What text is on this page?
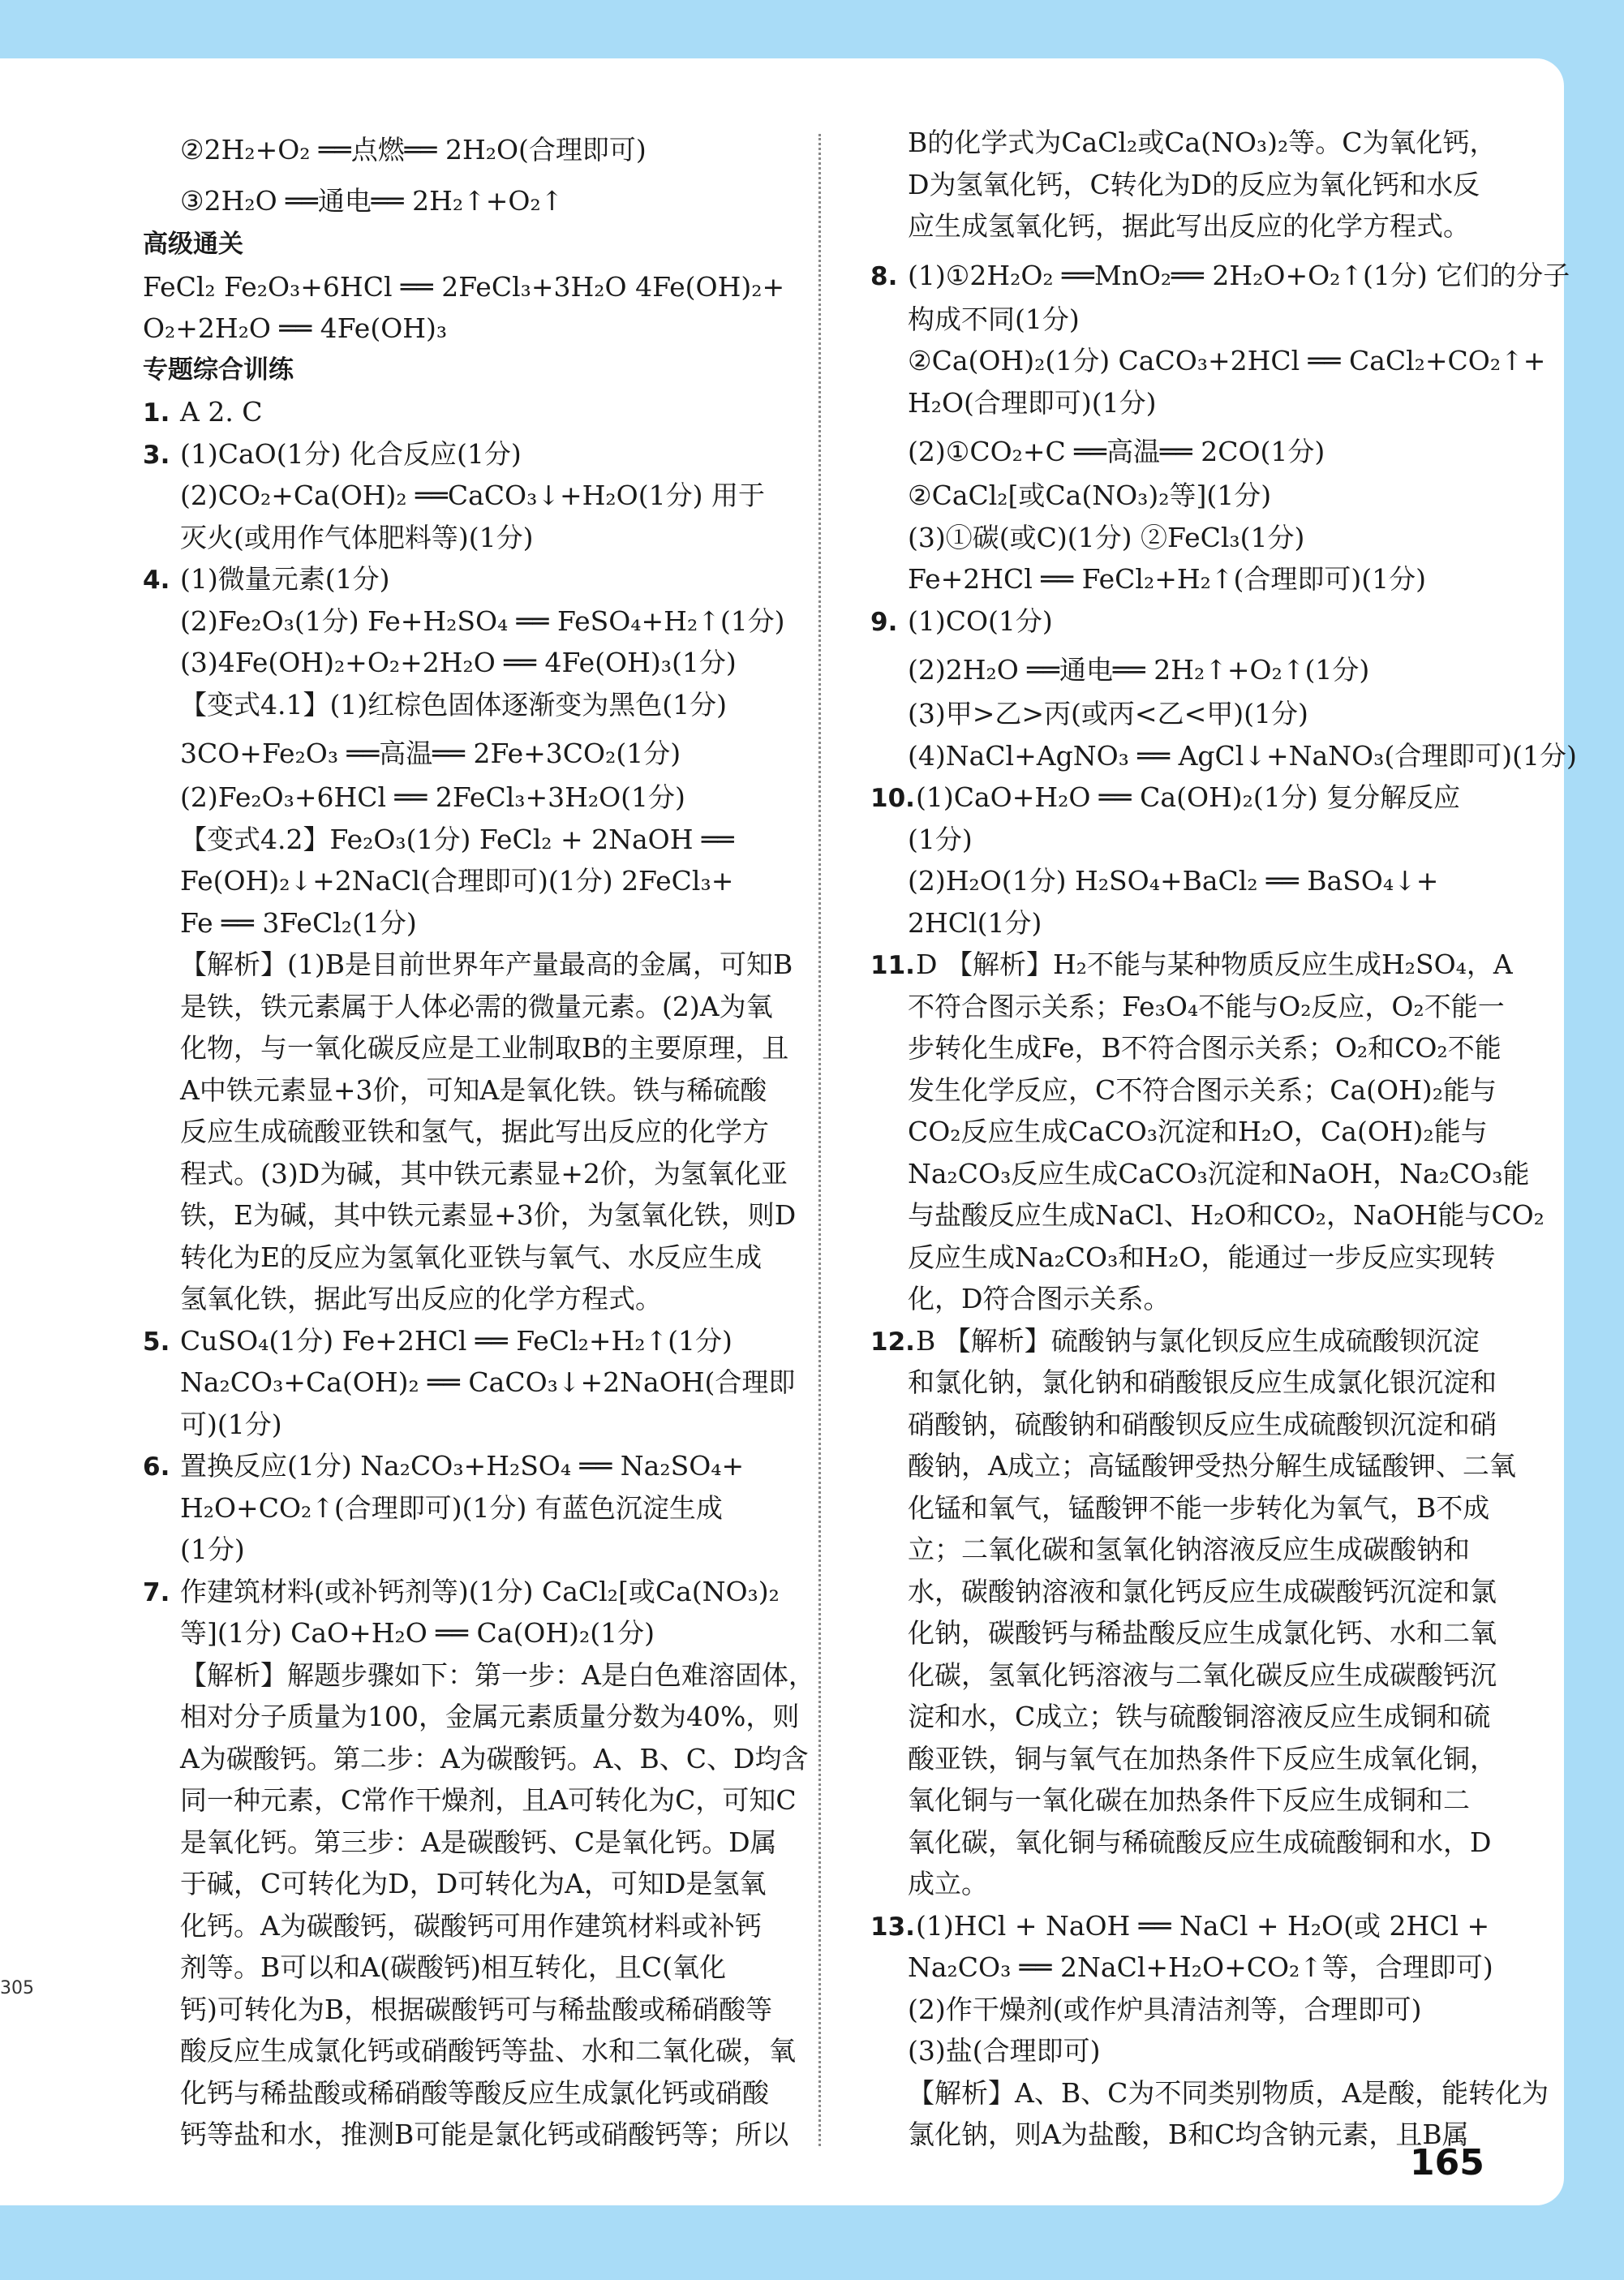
②2H₂+O₂ ══点燃══ 2H₂O(合理即可)
③2H₂O ══通电══ 2H₂↑+O₂↑
高级通关
FeCl₂ Fe₂O₃+6HCl ══ 2FeCl₃+3H₂O 4Fe(OH)₂+
O₂+2H₂O ══ 4Fe(OH)₃
专题综合训练
1. A 2. C
3. (1)CaO(1分) 化合反应(1分)
(2)CO₂+Ca(OH)₂ ══CaCO₃↓+H₂O(1分) 用于
灭火(或用作气体肥料等)(1分)
4. (1)微量元素(1分)
(2)Fe₂O₃(1分) Fe+H₂SO₄ ══ FeSO₄+H₂↑(1分)
(3)4Fe(OH)₂+O₂+2H₂O ══ 4Fe(OH)₃(1分)
【变式4.1】(1)红棕色固体逐渐变为黑色(1分)
3CO+Fe₂O₃ ══高温══ 2Fe+3CO₂(1分)
(2)Fe₂O₃+6HCl ══ 2FeCl₃+3H₂O(1分)
【变式4.2】Fe₂O₃(1分) FeCl₂ + 2NaOH ══
Fe(OH)₂↓+2NaCl(合理即可)(1分) 2FeCl₃+
Fe ══ 3FeCl₂(1分)
【解析】(1)B是目前世界年产量最高的金属，可知B
是铁，铁元素属于人体必需的微量元素。(2)A为氧
化物，与一氧化碳反应是工业制取B的主要原理，且
A中铁元素显+3价，可知A是氧化铁。铁与稀硫酸
反应生成硫酸亚铁和氢气，据此写出反应的化学方
程式。(3)D为碱，其中铁元素显+2价，为氢氧化亚
铁，E为碱，其中铁元素显+3价，为氢氧化铁，则D
转化为E的反应为氢氧化亚铁与氧气、水反应生成
氢氧化铁，据此写出反应的化学方程式。
5. CuSO₄(1分) Fe+2HCl ══ FeCl₂+H₂↑(1分)
Na₂CO₃+Ca(OH)₂ ══ CaCO₃↓+2NaOH(合理即
可)(1分)
6. 置换反应(1分) Na₂CO₃+H₂SO₄ ══ Na₂SO₄+
H₂O+CO₂↑(合理即可)(1分) 有蓝色沉淀生成
(1分)
7. 作建筑材料(或补钙剂等)(1分) CaCl₂[或Ca(NO₃)₂
等](1分) CaO+H₂O ══ Ca(OH)₂(1分)
【解析】解题步骤如下：第一步：A是白色难溶固体，
相对分子质量为100，金属元素质量分数为40%，则
A为碳酸钙。第二步：A为碳酸钙。A、B、C、D均含
同一种元素，C常作干燥剂，且A可转化为C，可知C
是氧化钙。第三步：A是碳酸钙、C是氧化钙。D属
于碱，C可转化为D，D可转化为A，可知D是氢氧
化钙。A为碳酸钙，碳酸钙可用作建筑材料或补钙
剂等。B可以和A(碳酸钙)相互转化，且C(氧化
钙)可转化为B，根据碳酸钙可与稀盐酸或稀硝酸等
酸反应生成氯化钙或硝酸钙等盐、水和二氧化碳，氧
化钙与稀盐酸或稀硝酸等酸反应生成氯化钙或硝酸
钙等盐和水，推测B可能是氯化钙或硝酸钙等；所以
B的化学式为CaCl₂或Ca(NO₃)₂等。C为氧化钙，
D为氢氧化钙，C转化为D的反应为氧化钙和水反
应生成氢氧化钙，据此写出反应的化学方程式。
8. (1)①2H₂O₂ ══MnO₂══ 2H₂O+O₂↑(1分) 它们的分子
构成不同(1分)
②Ca(OH)₂(1分) CaCO₃+2HCl ══ CaCl₂+CO₂↑+
H₂O(合理即可)(1分)
(2)①CO₂+C ══高温══ 2CO(1分)
②CaCl₂[或Ca(NO₃)₂等](1分)
(3)①碳(或C)(1分) ②FeCl₃(1分)
Fe+2HCl ══ FeCl₂+H₂↑(合理即可)(1分)
9. (1)CO(1分)
(2)2H₂O ══通电══ 2H₂↑+O₂↑(1分)
(3)甲>乙>丙(或丙<乙<甲)(1分)
(4)NaCl+AgNO₃ ══ AgCl↓+NaNO₃(合理即可)(1分)
10.(1)CaO+H₂O ══ Ca(OH)₂(1分) 复分解反应
(1分)
(2)H₂O(1分) H₂SO₄+BaCl₂ ══ BaSO₄↓+
2HCl(1分)
11.D 【解析】H₂不能与某种物质反应生成H₂SO₄，A
不符合图示关系；Fe₃O₄不能与O₂反应，O₂不能一
步转化生成Fe，B不符合图示关系；O₂和CO₂不能
发生化学反应，C不符合图示关系；Ca(OH)₂能与
CO₂反应生成CaCO₃沉淀和H₂O，Ca(OH)₂能与
Na₂CO₃反应生成CaCO₃沉淀和NaOH，Na₂CO₃能
与盐酸反应生成NaCl、H₂O和CO₂，NaOH能与CO₂
反应生成Na₂CO₃和H₂O，能通过一步反应实现转
化，D符合图示关系。
12.B 【解析】硫酸钠与氯化钡反应生成硫酸钡沉淀
和氯化钠，氯化钠和硝酸银反应生成氯化银沉淀和
硝酸钠，硫酸钠和硝酸钡反应生成硫酸钡沉淀和硝
酸钠，A成立；高锰酸钾受热分解生成锰酸钾、二氧
化锰和氧气，锰酸钾不能一步转化为氧气，B不成
立；二氧化碳和氢氧化钠溶液反应生成碳酸钠和
水，碳酸钠溶液和氯化钙反应生成碳酸钙沉淀和氯
化钠，碳酸钙与稀盐酸反应生成氯化钙、水和二氧
化碳，氢氧化钙溶液与二氧化碳反应生成碳酸钙沉
淀和水，C成立；铁与硫酸铜溶液反应生成铜和硫
酸亚铁，铜与氧气在加热条件下反应生成氧化铜，
氧化铜与一氧化碳在加热条件下反应生成铜和二
氧化碳，氧化铜与稀硫酸反应生成硫酸铜和水，D
成立。
13.(1)HCl + NaOH ══ NaCl + H₂O(或 2HCl +
Na₂CO₃ ══ 2NaCl+H₂O+CO₂↑等，合理即可)
(2)作干燥剂(或作炉具清洁剂等，合理即可)
(3)盐(合理即可)
【解析】A、B、C为不同类别物质，A是酸，能转化为
氯化钠，则A为盐酸，B和C均含钠元素，且B属
305
165
